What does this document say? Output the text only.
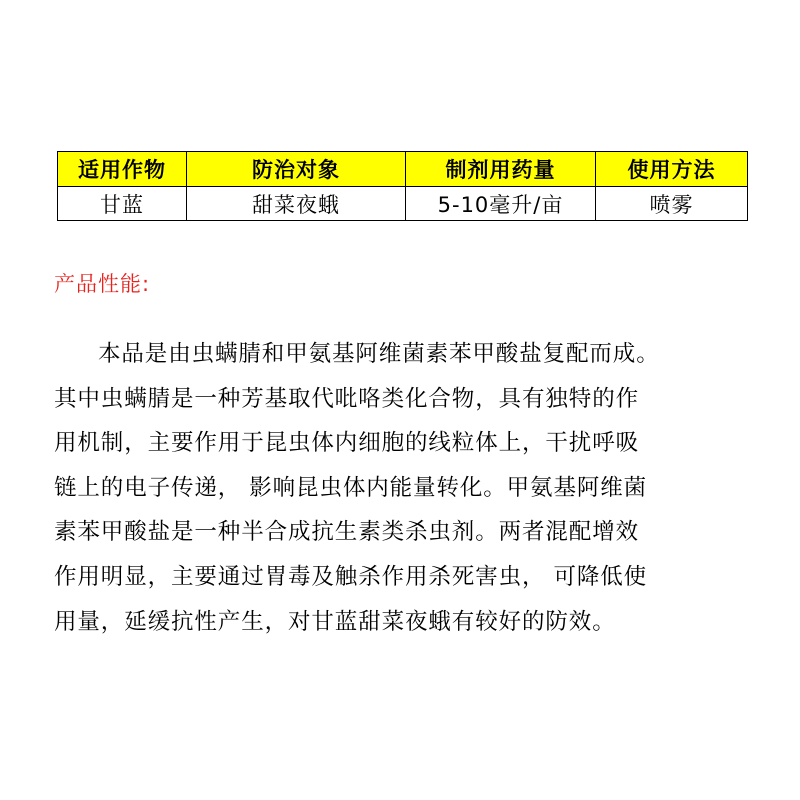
适用作物	防治对象	制剂用药量	使用方法
甘蓝	甜菜夜蛾	5-10毫升/亩	喷雾
产品性能:
本品是由虫螨腈和甲氨基阿维菌素苯甲酸盐复配而成。
其中虫螨腈是一种芳基取代吡咯类化合物，具有独特的作
用机制，主要作用于昆虫体内细胞的线粒体上，干扰呼吸
链上的电子传递， 影响昆虫体内能量转化。甲氨基阿维菌
素苯甲酸盐是一种半合成抗生素类杀虫剂。两者混配增效
作用明显，主要通过胃毒及触杀作用杀死害虫， 可降低使
用量，延缓抗性产生，对甘蓝甜菜夜蛾有较好的防效。
